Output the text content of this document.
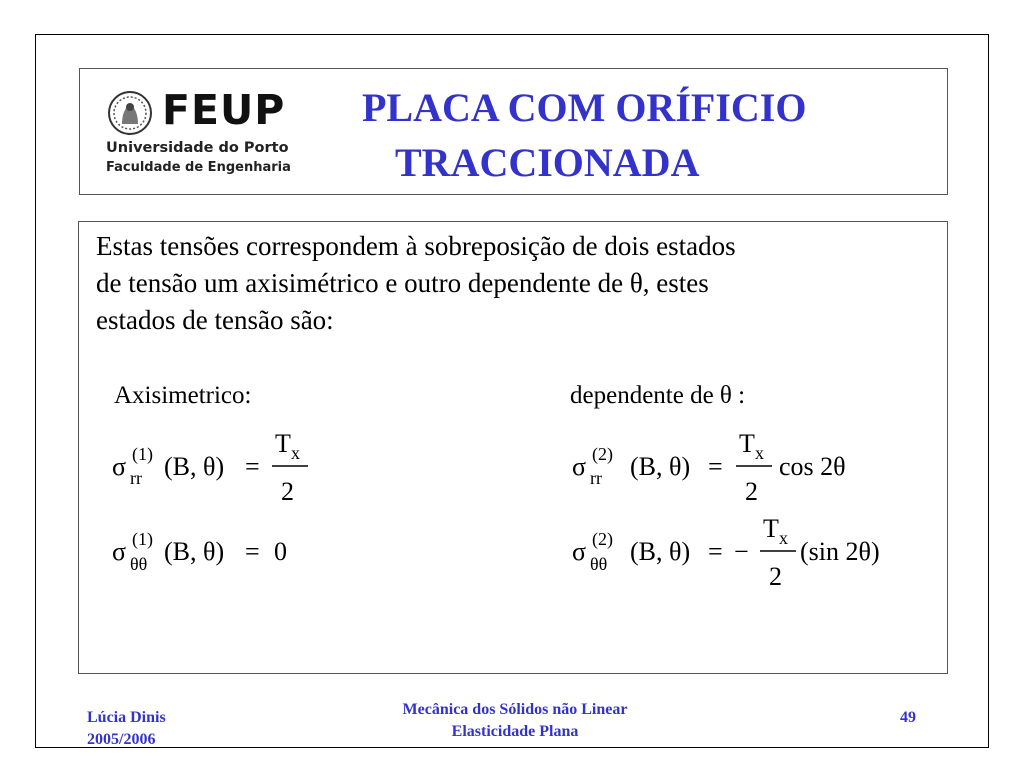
FEUP
Universidade do Porto
Faculdade de Engenharia
PLACA COM ORÍFICIO
TRACCIONADA
Estas tensões correspondem à sobreposição de dois estados
de tensão um axisimétrico e outro dependente de θ, estes
estados de tensão são:
Axisimetrico:	dependente de θ :
σ (1)
rr (B, θ) =
T x
2
σ (1)
θθ (B, θ) = 0
σ (2)
rr (B, θ) =
T x
2
cos 2θ
σ (2)
θθ (B, θ) = −
T x
2
(sin 2θ)
Lúcia Dinis
2005/2006
Mecânica dos Sólidos não Linear
Elasticidade Plana
49
